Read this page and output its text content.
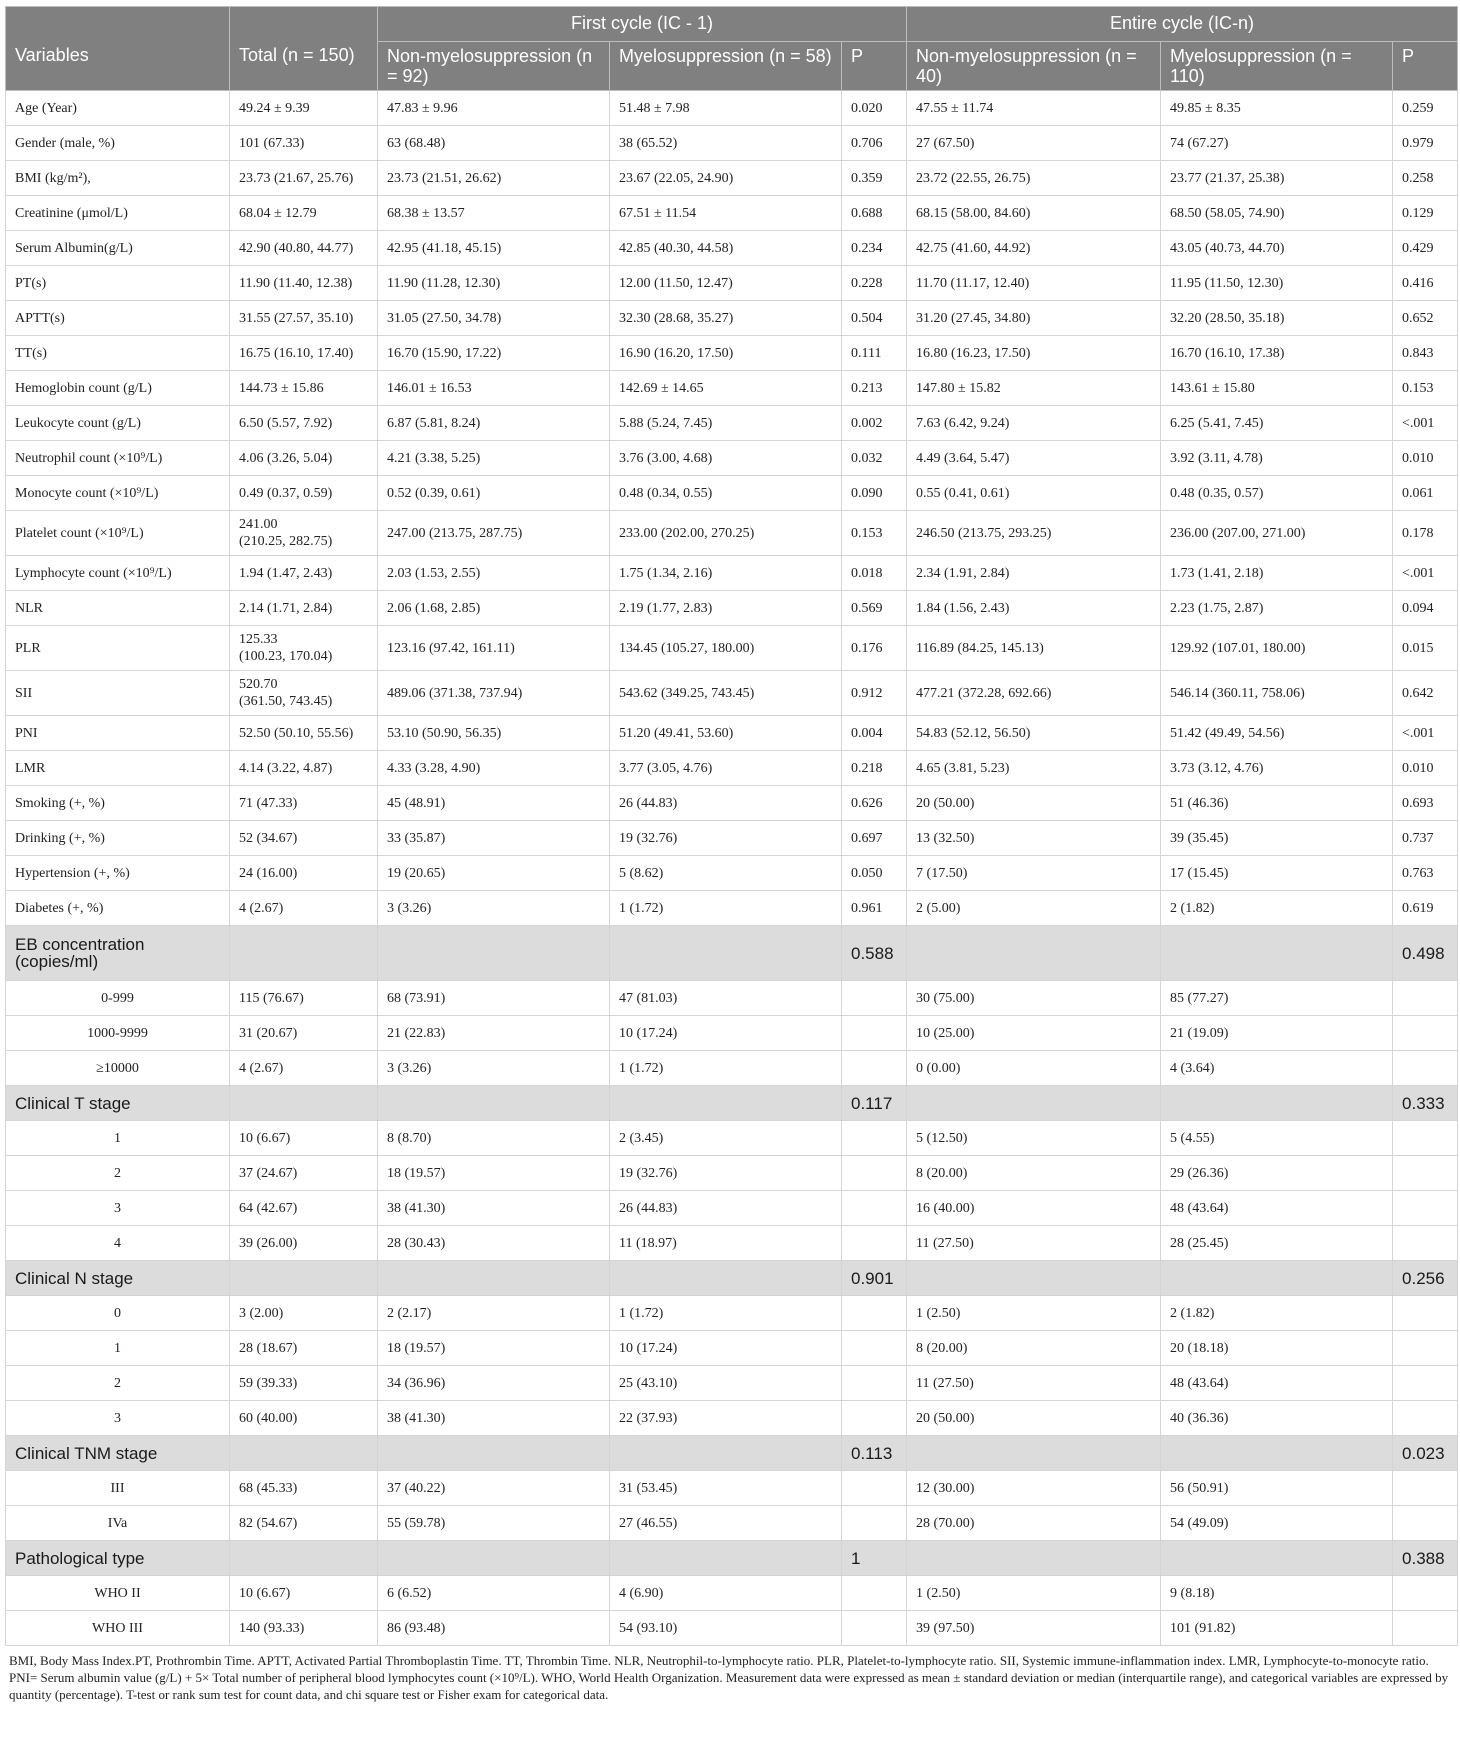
Variables	Total (n = 150)	First cycle (IC - 1)			Entire cycle (IC-n)		
		Non-myelosuppression (n = 92)	Myelosuppression (n = 58)	P	Non-myelosuppression (n = 40)	Myelosuppression (n = 110)	P
Age (Year)	49.24 ± 9.39	47.83 ± 9.96	51.48 ± 7.98	0.020	47.55 ± 11.74	49.85 ± 8.35	0.259
Gender (male, %)	101 (67.33)	63 (68.48)	38 (65.52)	0.706	27 (67.50)	74 (67.27)	0.979
BMI (kg/m²),	23.73 (21.67, 25.76)	23.73 (21.51, 26.62)	23.67 (22.05, 24.90)	0.359	23.72 (22.55, 26.75)	23.77 (21.37, 25.38)	0.258
Creatinine (μmol/L)	68.04 ± 12.79	68.38 ± 13.57	67.51 ± 11.54	0.688	68.15 (58.00, 84.60)	68.50 (58.05, 74.90)	0.129
Serum Albumin(g/L)	42.90 (40.80, 44.77)	42.95 (41.18, 45.15)	42.85 (40.30, 44.58)	0.234	42.75 (41.60, 44.92)	43.05 (40.73, 44.70)	0.429
PT(s)	11.90 (11.40, 12.38)	11.90 (11.28, 12.30)	12.00 (11.50, 12.47)	0.228	11.70 (11.17, 12.40)	11.95 (11.50, 12.30)	0.416
APTT(s)	31.55 (27.57, 35.10)	31.05 (27.50, 34.78)	32.30 (28.68, 35.27)	0.504	31.20 (27.45, 34.80)	32.20 (28.50, 35.18)	0.652
TT(s)	16.75 (16.10, 17.40)	16.70 (15.90, 17.22)	16.90 (16.20, 17.50)	0.111	16.80 (16.23, 17.50)	16.70 (16.10, 17.38)	0.843
Hemoglobin count (g/L)	144.73 ± 15.86	146.01 ± 16.53	142.69 ± 14.65	0.213	147.80 ± 15.82	143.61 ± 15.80	0.153
Leukocyte count (g/L)	6.50 (5.57, 7.92)	6.87 (5.81, 8.24)	5.88 (5.24, 7.45)	0.002	7.63 (6.42, 9.24)	6.25 (5.41, 7.45)	<.001
Neutrophil count (×10⁹/L)	4.06 (3.26, 5.04)	4.21 (3.38, 5.25)	3.76 (3.00, 4.68)	0.032	4.49 (3.64, 5.47)	3.92 (3.11, 4.78)	0.010
Monocyte count (×10⁹/L)	0.49 (0.37, 0.59)	0.52 (0.39, 0.61)	0.48 (0.34, 0.55)	0.090	0.55 (0.41, 0.61)	0.48 (0.35, 0.57)	0.061
Platelet count (×10⁹/L)	241.00
(210.25, 282.75)	247.00 (213.75, 287.75)	233.00 (202.00, 270.25)	0.153	246.50 (213.75, 293.25)	236.00 (207.00, 271.00)	0.178
Lymphocyte count (×10⁹/L)	1.94 (1.47, 2.43)	2.03 (1.53, 2.55)	1.75 (1.34, 2.16)	0.018	2.34 (1.91, 2.84)	1.73 (1.41, 2.18)	<.001
NLR	2.14 (1.71, 2.84)	2.06 (1.68, 2.85)	2.19 (1.77, 2.83)	0.569	1.84 (1.56, 2.43)	2.23 (1.75, 2.87)	0.094
PLR	125.33
(100.23, 170.04)	123.16 (97.42, 161.11)	134.45 (105.27, 180.00)	0.176	116.89 (84.25, 145.13)	129.92 (107.01, 180.00)	0.015
SII	520.70
(361.50, 743.45)	489.06 (371.38, 737.94)	543.62 (349.25, 743.45)	0.912	477.21 (372.28, 692.66)	546.14 (360.11, 758.06)	0.642
PNI	52.50 (50.10, 55.56)	53.10 (50.90, 56.35)	51.20 (49.41, 53.60)	0.004	54.83 (52.12, 56.50)	51.42 (49.49, 54.56)	<.001
LMR	4.14 (3.22, 4.87)	4.33 (3.28, 4.90)	3.77 (3.05, 4.76)	0.218	4.65 (3.81, 5.23)	3.73 (3.12, 4.76)	0.010
Smoking (+, %)	71 (47.33)	45 (48.91)	26 (44.83)	0.626	20 (50.00)	51 (46.36)	0.693
Drinking (+, %)	52 (34.67)	33 (35.87)	19 (32.76)	0.697	13 (32.50)	39 (35.45)	0.737
Hypertension (+, %)	24 (16.00)	19 (20.65)	5 (8.62)	0.050	7 (17.50)	17 (15.45)	0.763
Diabetes (+, %)	4 (2.67)	3 (3.26)	1 (1.72)	0.961	2 (5.00)	2 (1.82)	0.619
EB concentration (copies/ml)				0.588			0.498
0-999	115 (76.67)	68 (73.91)	47 (81.03)		30 (75.00)	85 (77.27)	
1000-9999	31 (20.67)	21 (22.83)	10 (17.24)		10 (25.00)	21 (19.09)	
≥10000	4 (2.67)	3 (3.26)	1 (1.72)		0 (0.00)	4 (3.64)	
Clinical T stage				0.117			0.333
1	10 (6.67)	8 (8.70)	2 (3.45)		5 (12.50)	5 (4.55)	
2	37 (24.67)	18 (19.57)	19 (32.76)		8 (20.00)	29 (26.36)	
3	64 (42.67)	38 (41.30)	26 (44.83)		16 (40.00)	48 (43.64)	
4	39 (26.00)	28 (30.43)	11 (18.97)		11 (27.50)	28 (25.45)	
Clinical N stage				0.901			0.256
0	3 (2.00)	2 (2.17)	1 (1.72)		1 (2.50)	2 (1.82)	
1	28 (18.67)	18 (19.57)	10 (17.24)		8 (20.00)	20 (18.18)	
2	59 (39.33)	34 (36.96)	25 (43.10)		11 (27.50)	48 (43.64)	
3	60 (40.00)	38 (41.30)	22 (37.93)		20 (50.00)	40 (36.36)	
Clinical TNM stage				0.113			0.023
III	68 (45.33)	37 (40.22)	31 (53.45)		12 (30.00)	56 (50.91)	
IVa	82 (54.67)	55 (59.78)	27 (46.55)		28 (70.00)	54 (49.09)	
Pathological type				1			0.388
WHO II	10 (6.67)	6 (6.52)	4 (6.90)		1 (2.50)	9 (8.18)	
WHO III	140 (93.33)	86 (93.48)	54 (93.10)		39 (97.50)	101 (91.82)	
BMI, Body Mass Index.PT, Prothrombin Time. APTT, Activated Partial Thromboplastin Time. TT, Thrombin Time. NLR, Neutrophil-to-lymphocyte ratio. PLR, Platelet-to-lymphocyte ratio. SII, Systemic immune-inflammation index. LMR, Lymphocyte-to-monocyte ratio. PNI= Serum albumin value (g/L) + 5× Total number of peripheral blood lymphocytes count (×10⁹/L). WHO, World Health Organization. Measurement data were expressed as mean ± standard deviation or median (interquartile range), and categorical variables are expressed by quantity (percentage). T-test or rank sum test for count data, and chi square test or Fisher exam for categorical data.
